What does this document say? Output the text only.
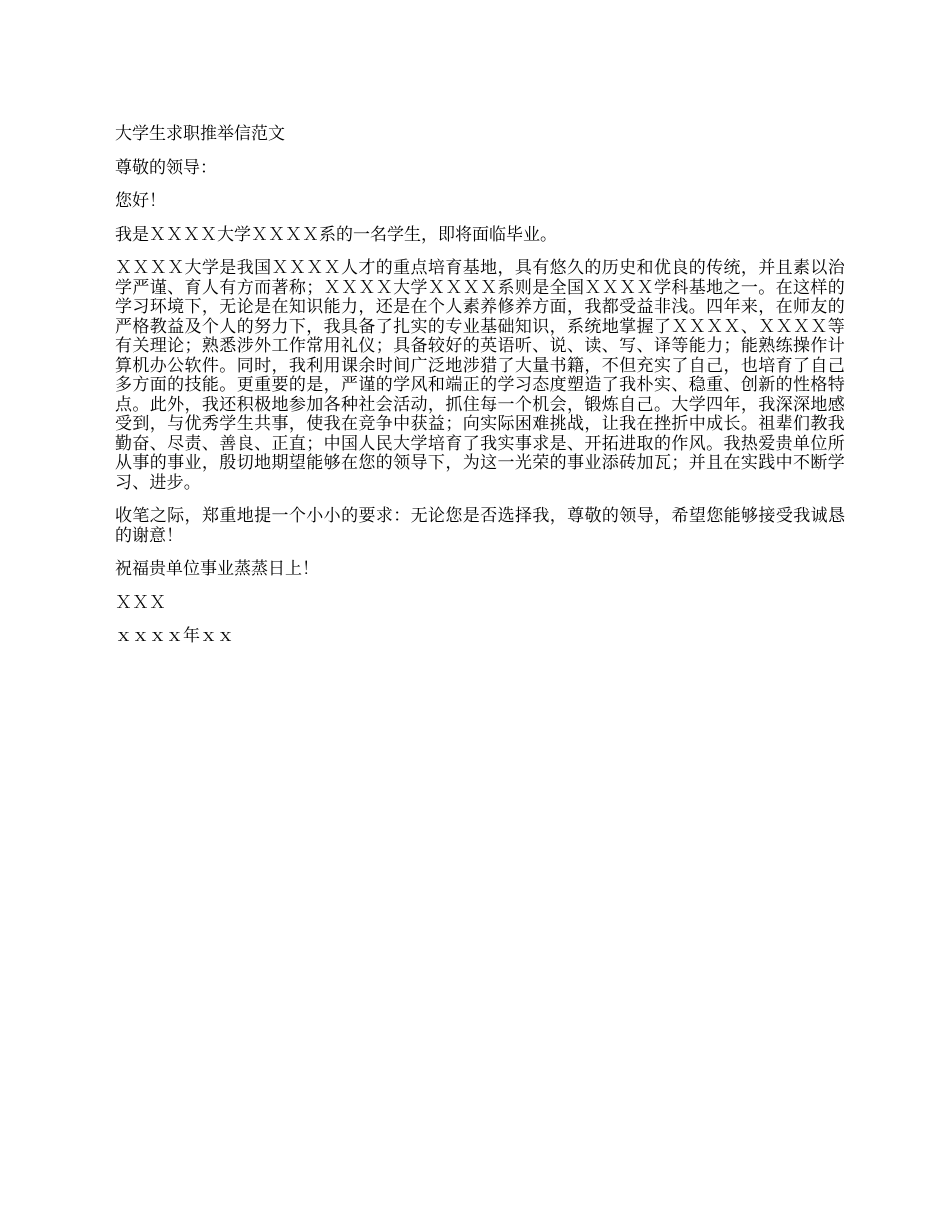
大学生求职推举信范文

尊敬的领导：

您好！

我是ＸＸＸＸ大学ＸＸＸＸ系的一名学生，即将面临毕业。

ＸＸＸＸ大学是我国ＸＸＸＸ人才的重点培育基地，具有悠久的历史和优良的传统，并且素以治学严谨、育人有方而著称；ＸＸＸＸ大学ＸＸＸＸ系则是全国ＸＸＸＸ学科基地之一。在这样的学习环境下，无论是在知识能力，还是在个人素养修养方面，我都受益非浅。四年来，在师友的严格教益及个人的努力下，我具备了扎实的专业基础知识，系统地掌握了ＸＸＸＸ、ＸＸＸＸ等有关理论；熟悉涉外工作常用礼仪；具备较好的英语听、说、读、写、译等能力；能熟练操作计算机办公软件。同时，我利用课余时间广泛地涉猎了大量书籍，不但充实了自己，也培育了自己多方面的技能。更重要的是，严谨的学风和端正的学习态度塑造了我朴实、稳重、创新的性格特点。此外，我还积极地参加各种社会活动，抓住每一个机会，锻炼自己。大学四年，我深深地感受到，与优秀学生共事，使我在竞争中获益；向实际困难挑战，让我在挫折中成长。祖辈们教我勤奋、尽责、善良、正直；中国人民大学培育了我实事求是、开拓进取的作风。我热爱贵单位所从事的事业，殷切地期望能够在您的领导下，为这一光荣的事业添砖加瓦；并且在实践中不断学习、进步。

收笔之际，郑重地提一个小小的要求：无论您是否选择我，尊敬的领导，希望您能够接受我诚恳的谢意！

祝福贵单位事业蒸蒸日上！

ＸＸＸ

ｘｘｘｘ年ｘｘ
